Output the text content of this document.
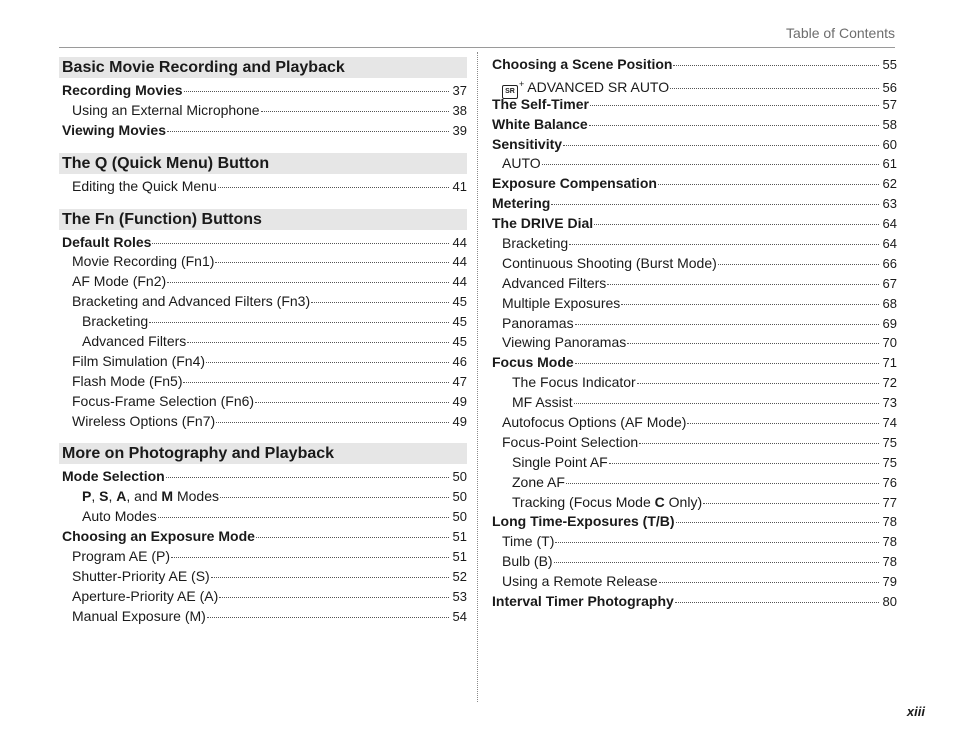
Table of Contents
Basic Movie Recording and Playback
Recording Movies	37
Using an External Microphone	38
Viewing Movies	39
The Q (Quick Menu) Button
Editing the Quick Menu	41
The Fn (Function) Buttons
Default Roles	44
Movie Recording (Fn1)	44
AF Mode (Fn2)	44
Bracketing and Advanced Filters (Fn3)	45
Bracketing	45
Advanced Filters	45
Film Simulation (Fn4)	46
Flash Mode (Fn5)	47
Focus-Frame Selection (Fn6)	49
Wireless Options (Fn7)	49
More on Photography and Playback
Mode Selection	50
P, S, A, and M Modes	50
Auto Modes	50
Choosing an Exposure Mode	51
Program AE (P)	51
Shutter-Priority AE (S)	52
Aperture-Priority AE (A)	53
Manual Exposure (M)	54
Choosing a Scene Position	55
SR+ ADVANCED SR AUTO	56
The Self-Timer	57
White Balance	58
Sensitivity	60
AUTO	61
Exposure Compensation	62
Metering	63
The DRIVE Dial	64
Bracketing	64
Continuous Shooting (Burst Mode)	66
Advanced Filters	67
Multiple Exposures	68
Panoramas	69
Viewing Panoramas	70
Focus Mode	71
The Focus Indicator	72
MF Assist	73
Autofocus Options (AF Mode)	74
Focus-Point Selection	75
Single Point AF	75
Zone AF	76
Tracking (Focus Mode C Only)	77
Long Time-Exposures (T/B)	78
Time (T)	78
Bulb (B)	78
Using a Remote Release	79
Interval Timer Photography	80
xiii
